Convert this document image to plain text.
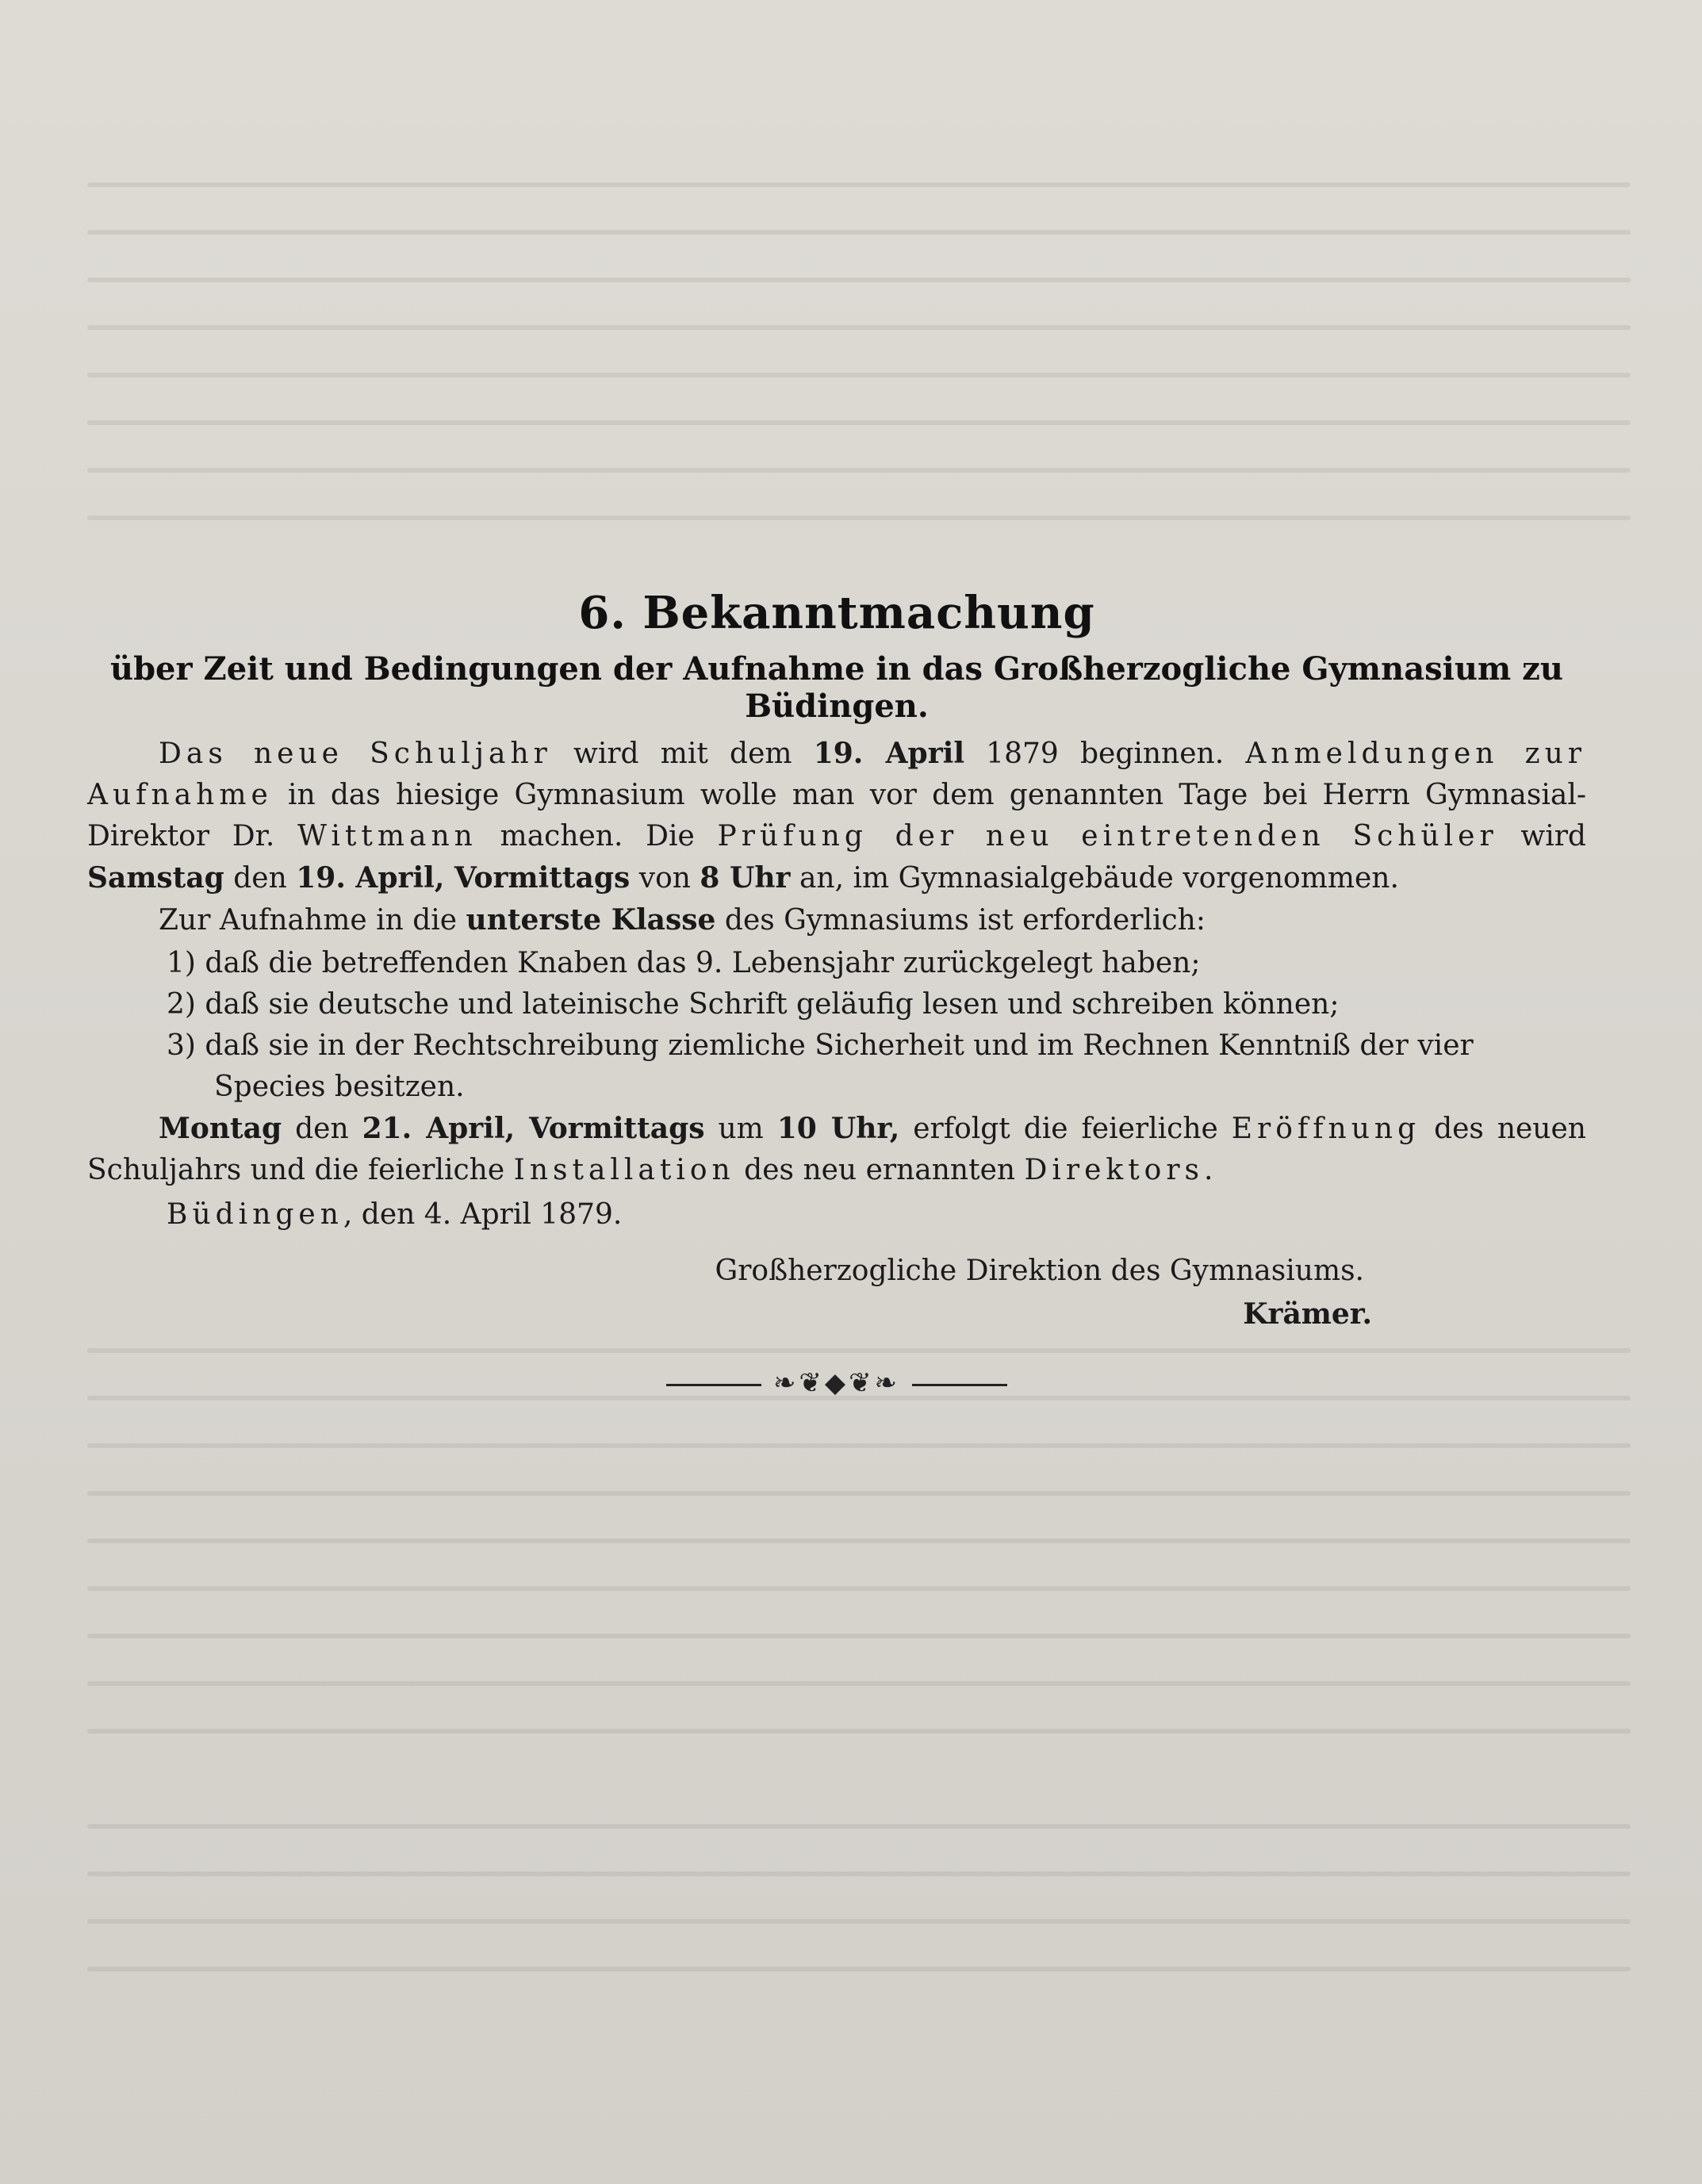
6. Bekanntmachung
über Zeit und Bedingungen der Aufnahme in das Großherzogliche Gymnasium zu Büdingen.

Das neue Schuljahr wird mit dem 19. April 1879 beginnen. Anmeldungen zur Aufnahme in das hiesige Gymnasium wolle man vor dem genannten Tage bei Herrn Gymnasial-Direktor Dr. Wittmann machen. Die Prüfung der neu eintretenden Schüler wird Samstag den 19. April, Vormittags von 8 Uhr an, im Gymnasialgebäude vorgenommen.

Zur Aufnahme in die unterste Klasse des Gymnasiums ist erforderlich:

1) daß die betreffenden Knaben das 9. Lebensjahr zurückgelegt haben;
2) daß sie deutsche und lateinische Schrift geläufig lesen und schreiben können;
3) daß sie in der Rechtschreibung ziemliche Sicherheit und im Rechnen Kenntniß der vier Species besitzen.

Montag den 21. April, Vormittags um 10 Uhr, erfolgt die feierliche Eröffnung des neuen Schuljahrs und die feierliche Installation des neu ernannten Direktors.

Büdingen, den 4. April 1879.
Großherzogliche Direktion des Gymnasiums.
Krämer.
❧❦◆❦❧
